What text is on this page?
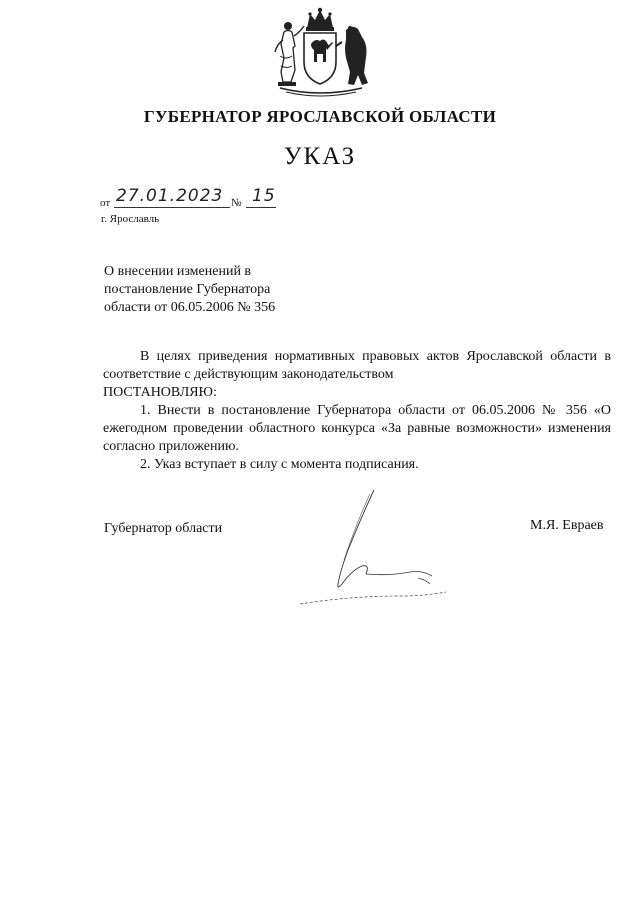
ГУБЕРНАТОР ЯРОСЛАВСКОЙ ОБЛАСТИ
УКАЗ
от 27.01.2023 № 15
г. Ярославль
О внесении изменений в
постановление Губернатора
области от 06.05.2006 № 356

В целях приведения нормативных правовых актов Ярославской области в соответствие с действующим законодательством

ПОСТАНОВЛЯЮ:

1. Внести в постановление Губернатора области от 06.05.2006 № 356 «О ежегодном проведении областного конкурса «За равные возможности» изменения согласно приложению.

2. Указ вступает в силу с момента подписания.

Губернатор области	М.Я. Евраев
